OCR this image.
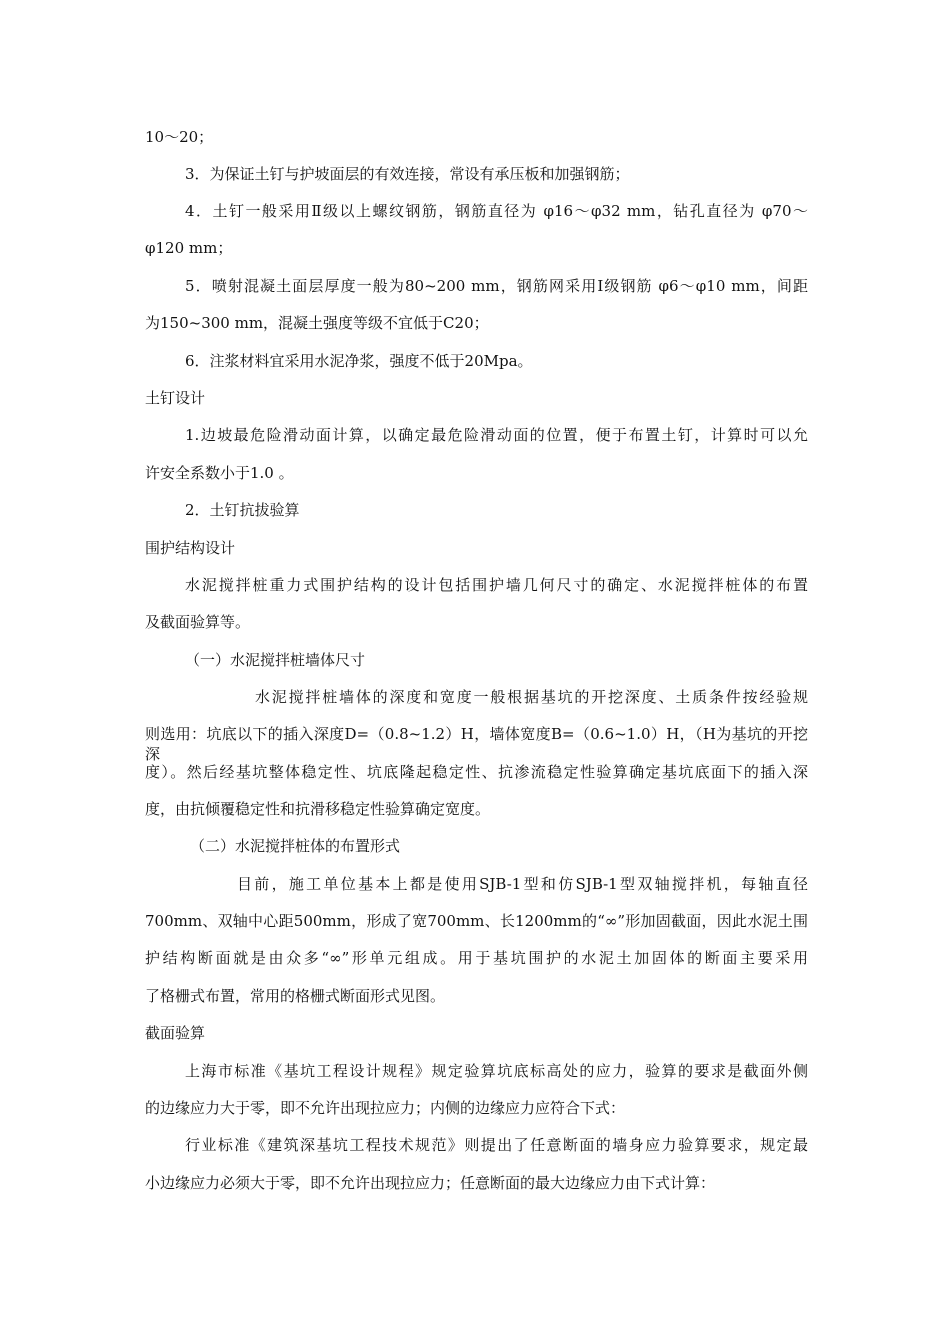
10～20；
3．为保证土钉与护坡面层的有效连接，常设有承压板和加强钢筋；
4．土钉一般采用Ⅱ级以上螺纹钢筋，钢筋直径为 φ16～φ32 mm，钻孔直径为 φ70～
φ120 mm；
5．喷射混凝土面层厚度一般为80~200 mm，钢筋网采用Ⅰ级钢筋 φ6～φ10 mm，间距
为150~300 mm，混凝土强度等级不宜低于C20；
6．注浆材料宜采用水泥净浆，强度不低于20Mpa。
土钉设计
1.边坡最危险滑动面计算，以确定最危险滑动面的位置，便于布置土钉，计算时可以允
许安全系数小于1.0 。
2．土钉抗拔验算
围护结构设计
水泥搅拌桩重力式围护结构的设计包括围护墙几何尺寸的确定、水泥搅拌桩体的布置
及截面验算等。
（一）水泥搅拌桩墙体尺寸
水泥搅拌桩墙体的深度和宽度一般根据基坑的开挖深度、土质条件按经验规
则选用：坑底以下的插入深度D=（0.8~1.2）H，墙体宽度B=（0.6~1.0）H，（H为基坑的开挖深
度）。然后经基坑整体稳定性、坑底隆起稳定性、抗渗流稳定性验算确定基坑底面下的插入深
度，由抗倾覆稳定性和抗滑移稳定性验算确定宽度。
（二）水泥搅拌桩体的布置形式
目前，施工单位基本上都是使用SJB-1型和仿SJB-1型双轴搅拌机，每轴直径
700mm、双轴中心距500mm，形成了宽700mm、长1200mm的“∞”形加固截面，因此水泥土围
护结构断面就是由众多“∞”形单元组成。用于基坑围护的水泥土加固体的断面主要采用
了格栅式布置，常用的格栅式断面形式见图。
截面验算
上海市标准《基坑工程设计规程》规定验算坑底标高处的应力，验算的要求是截面外侧
的边缘应力大于零，即不允许出现拉应力；内侧的边缘应力应符合下式：
行业标准《建筑深基坑工程技术规范》则提出了任意断面的墙身应力验算要求，规定最
小边缘应力必须大于零，即不允许出现拉应力；任意断面的最大边缘应力由下式计算：
